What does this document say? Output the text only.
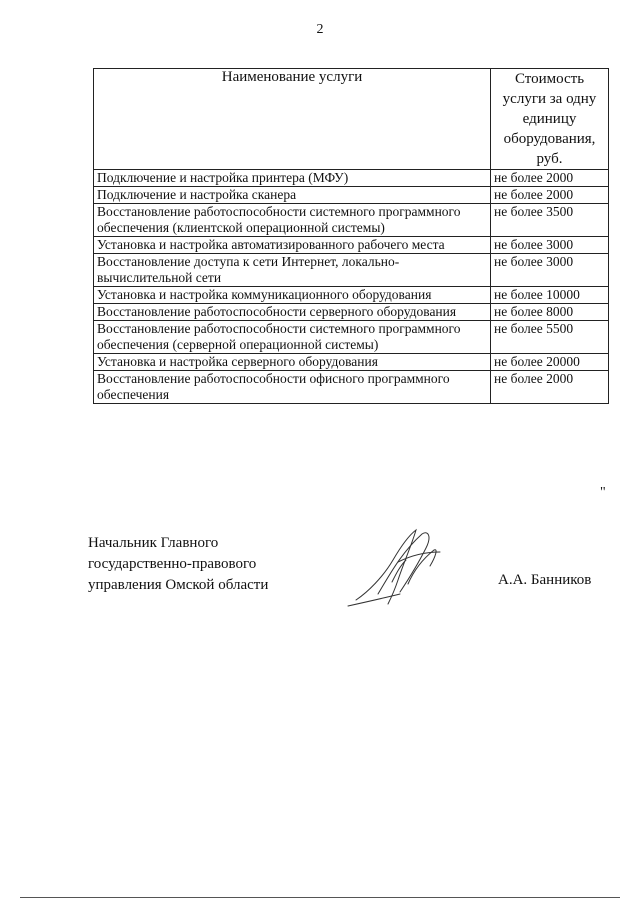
2
Наименование услуги	Стоимость услуги за одну единицу оборудования, руб.
Подключение и настройка принтера (МФУ)	не более 2000
Подключение и настройка сканера	не более 2000
Восстановление работоспособности системного программного обеспечения (клиентской операционной системы)	не более 3500
Установка и настройка автоматизированного рабочего места	не более 3000
Восстановление доступа к сети Интернет, локально-вычислительной сети	не более 3000
Установка и настройка коммуникационного оборудования	не более 10000
Восстановление работоспособности серверного оборудования	не более 8000
Восстановление работоспособности системного программного обеспечения (серверной операционной системы)	не более 5500
Установка и настройка серверного оборудования	не более 20000
Восстановление работоспособности офисного программного обеспечения	не более 2000
"
Начальник Главного
государственно-правового
управления Омской области	А.А. Банников
